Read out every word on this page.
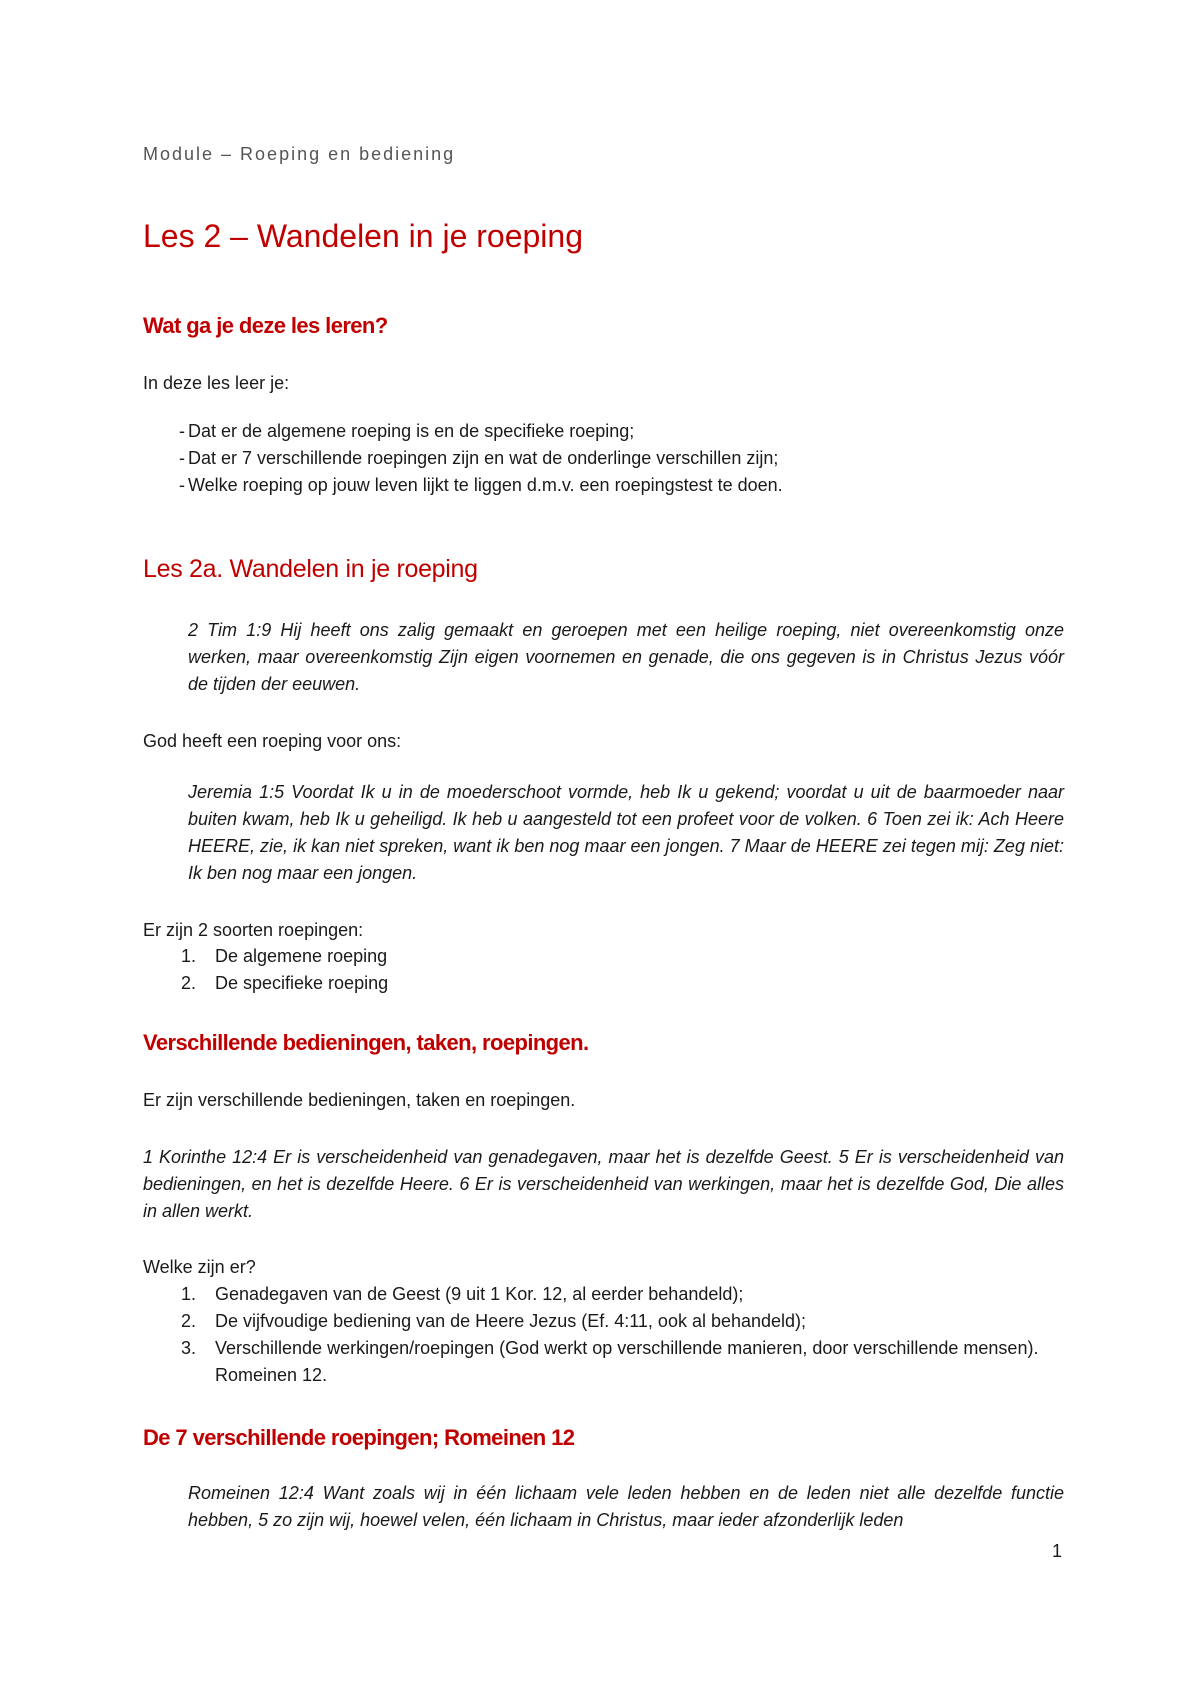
Module – Roeping en bediening
Les 2 – Wandelen in je roeping
Wat ga je deze les leren?

In deze les leer je:

- Dat er de algemene roeping is en de specifieke roeping;
- Dat er 7 verschillende roepingen zijn en wat de onderlinge verschillen zijn;
- Welke roeping op jouw leven lijkt te liggen d.m.v. een roepingstest te doen.
Les 2a. Wandelen in je roeping

2 Tim 1:9 Hij heeft ons zalig gemaakt en geroepen met een heilige roeping, niet overeenkomstig onze werken, maar overeenkomstig Zijn eigen voornemen en genade, die ons gegeven is in Christus Jezus vóór de tijden der eeuwen.

God heeft een roeping voor ons:

Jeremia 1:5 Voordat Ik u in de moederschoot vormde, heb Ik u gekend; voordat u uit de baarmoeder naar buiten kwam, heb Ik u geheiligd. Ik heb u aangesteld tot een profeet voor de volken. 6 Toen zei ik: Ach Heere HEERE, zie, ik kan niet spreken, want ik ben nog maar een jongen. 7 Maar de HEERE zei tegen mij: Zeg niet: Ik ben nog maar een jongen.

Er zijn 2 soorten roepingen:

1. De algemene roeping
2. De specifieke roeping
Verschillende bedieningen, taken, roepingen.

Er zijn verschillende bedieningen, taken en roepingen.

1 Korinthe 12:4 Er is verscheidenheid van genadegaven, maar het is dezelfde Geest. 5 Er is verscheidenheid van bedieningen, en het is dezelfde Heere. 6 Er is verscheidenheid van werkingen, maar het is dezelfde God, Die alles in allen werkt.

Welke zijn er?

1. Genadegaven van de Geest (9 uit 1 Kor. 12, al eerder behandeld);
2. De vijfvoudige bediening van de Heere Jezus (Ef. 4:11, ook al behandeld);
3. Verschillende werkingen/roepingen (God werkt op verschillende manieren, door verschillende mensen). Romeinen 12.
De 7 verschillende roepingen; Romeinen 12

Romeinen 12:4 Want zoals wij in één lichaam vele leden hebben en de leden niet alle dezelfde functie hebben, 5 zo zijn wij, hoewel velen, één lichaam in Christus, maar ieder afzonderlijk leden

1
